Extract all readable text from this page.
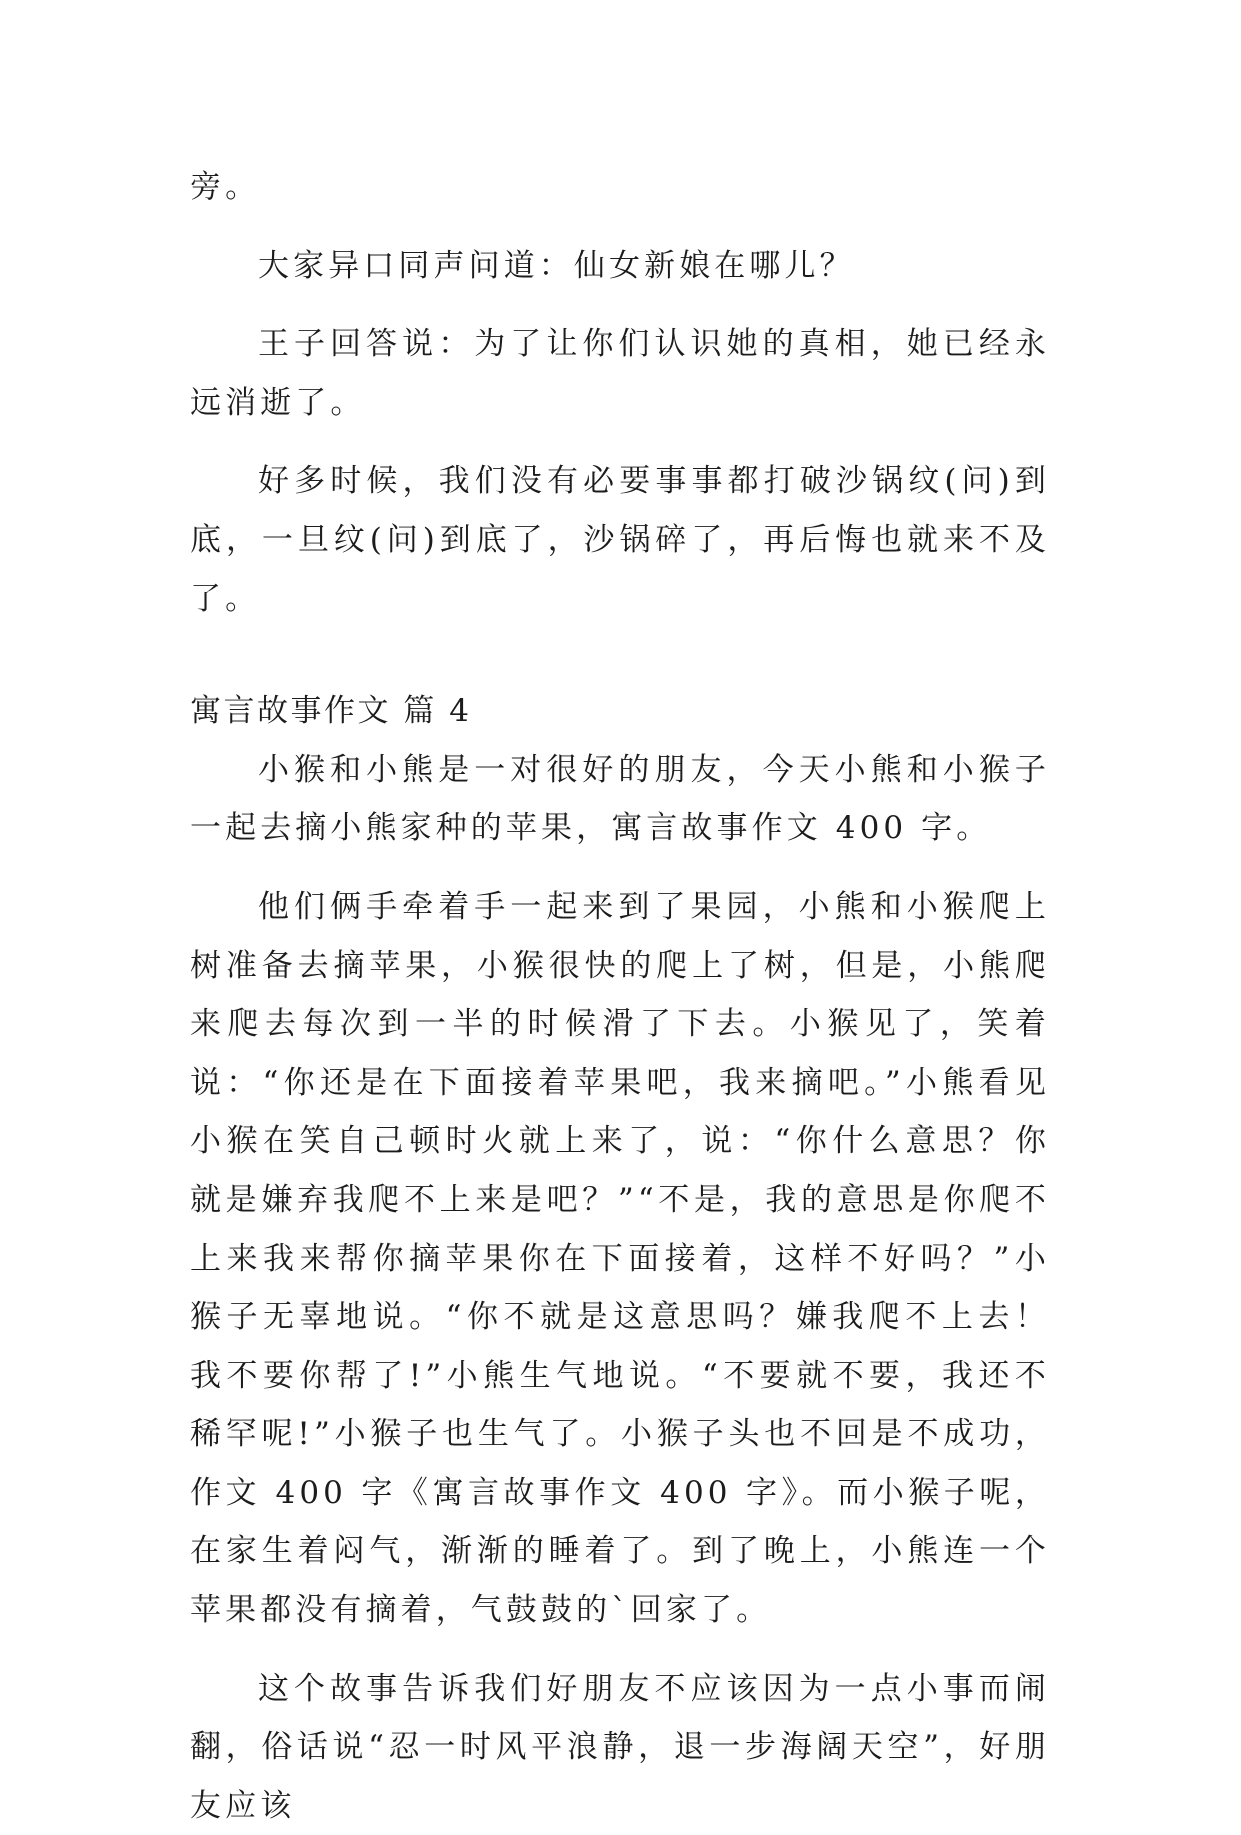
旁。

大家异口同声问道：仙女新娘在哪儿？

王子回答说：为了让你们认识她的真相，她已经永远消逝了。

好多时候，我们没有必要事事都打破沙锅纹(问)到底，一旦纹(问)到底了，沙锅碎了，再后悔也就来不及了。

寓言故事作文 篇 4

小猴和小熊是一对很好的朋友，今天小熊和小猴子一起去摘小熊家种的苹果，寓言故事作文 400 字。

他们俩手牵着手一起来到了果园，小熊和小猴爬上树准备去摘苹果，小猴很快的爬上了树，但是，小熊爬来爬去每次到一半的时候滑了下去。小猴见了，笑着说：“你还是在下面接着苹果吧，我来摘吧。”小熊看见小猴在笑自己顿时火就上来了，说：“你什么意思？你就是嫌弃我爬不上来是吧？”“不是，我的意思是你爬不上来我来帮你摘苹果你在下面接着，这样不好吗？”小猴子无辜地说。“你不就是这意思吗？嫌我爬不上去！我不要你帮了!”小熊生气地说。“不要就不要，我还不稀罕呢!”小猴子也生气了。小猴子头也不回是不成功，作文 400 字《寓言故事作文 400 字》。而小猴子呢，在家生着闷气，渐渐的睡着了。到了晚上，小熊连一个苹果都没有摘着，气鼓鼓的`回家了。

这个故事告诉我们好朋友不应该因为一点小事而闹翻，俗话说“忍一时风平浪静，退一步海阔天空”，好朋友应该
